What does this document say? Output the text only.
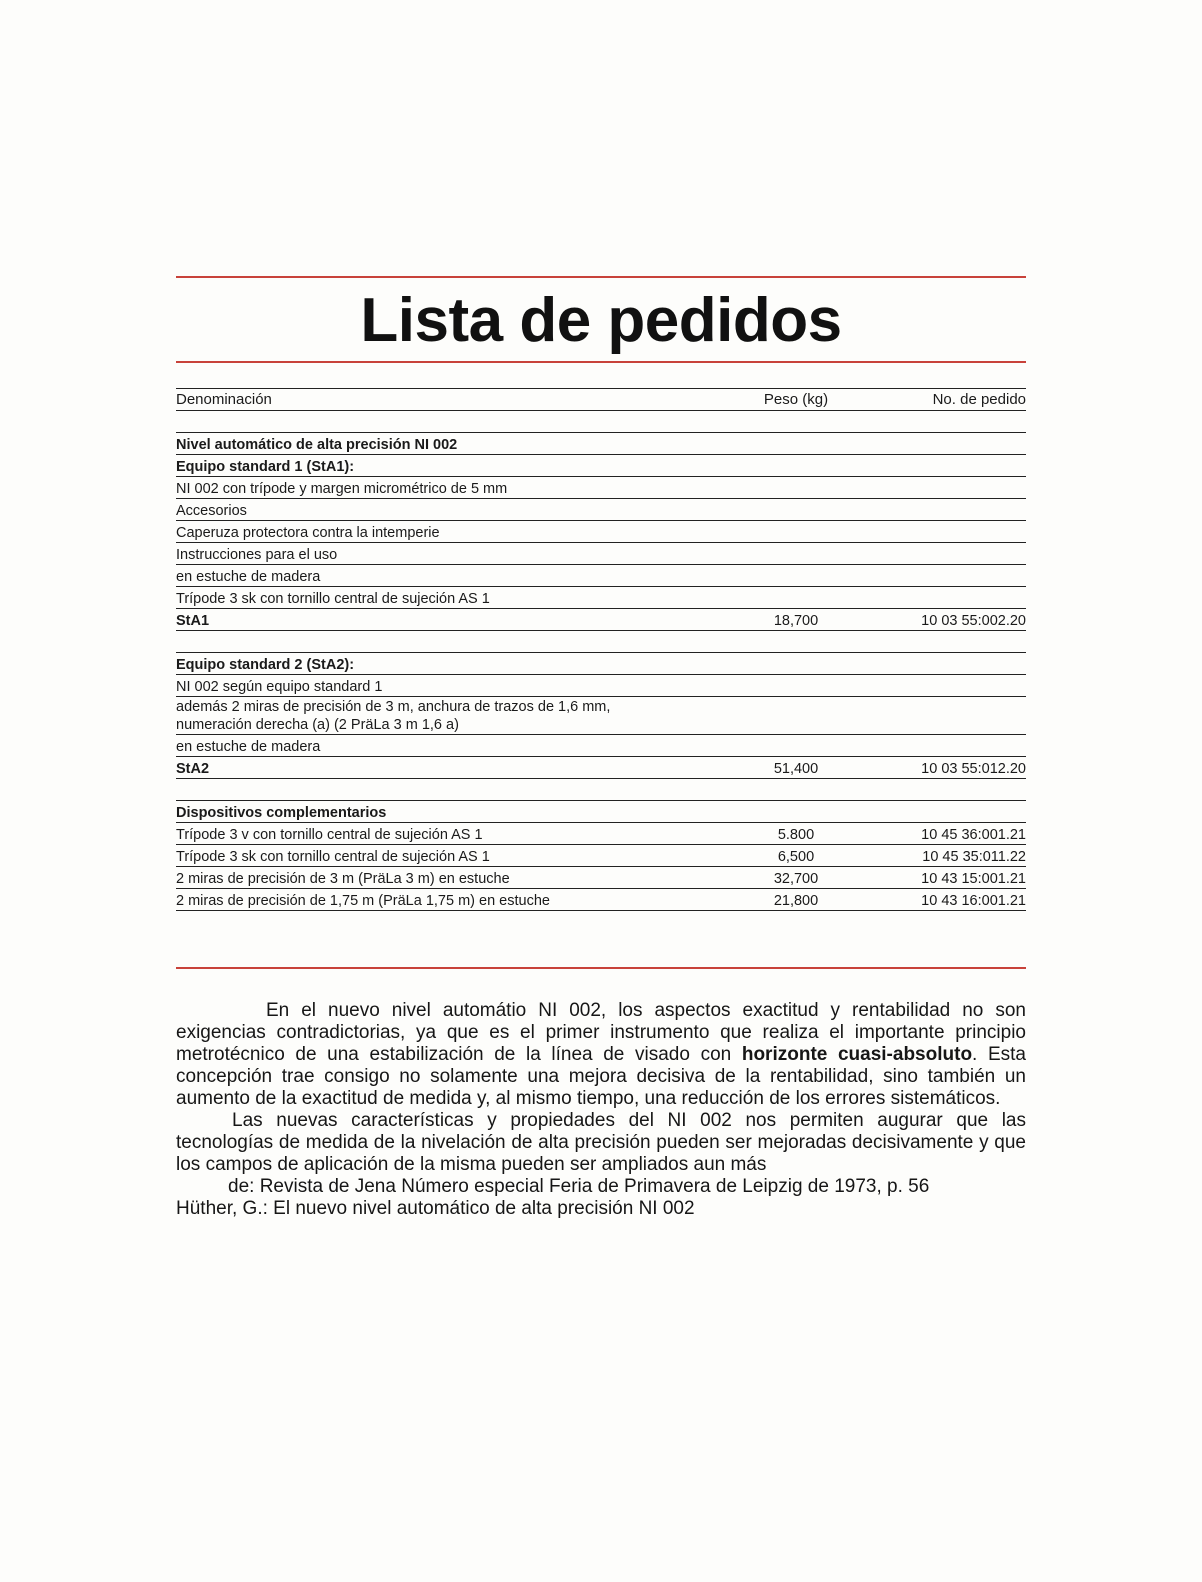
Lista de pedidos
Denominación	Peso (kg)	No. de pedido

Nivel automático de alta precisión NI 002		
Equipo standard 1 (StA1):		
NI 002 con trípode y margen micrométrico de 5 mm		
Accesorios		
Caperuza protectora contra la intemperie		
Instrucciones para el uso		
en estuche de madera		
Trípode 3 sk con tornillo central de sujeción AS 1		
StA1	18,700	10 03 55:002.20

Equipo standard 2 (StA2):		
NI 002 según equipo standard 1		
además 2 miras de precisión de 3 m, anchura de trazos de 1,6 mm,
numeración derecha (a) (2 PräLa 3 m 1,6 a)		
en estuche de madera		
StA2	51,400	10 03 55:012.20

Dispositivos complementarios		
Trípode 3 v con tornillo central de sujeción AS 1	5.800	10 45 36:001.21
Trípode 3 sk con tornillo central de sujeción AS 1	6,500	10 45 35:011.22
2 miras de precisión de 3 m (PräLa 3 m) en estuche	32,700	10 43 15:001.21
2 miras de precisión de 1,75 m (PräLa 1,75 m) en estuche	21,800	10 43 16:001.21

En el nuevo nivel automátio NI 002, los aspectos exactitud y rentabilidad no son exigencias contradictorias, ya que es el primer instrumento que realiza el importante principio metrotécnico de una estabilización de la línea de visado con horizonte cuasi-absoluto. Esta concepción trae consigo no solamente una mejora decisiva de la rentabilidad, sino también un aumento de la exactitud de medida y, al mismo tiempo, una reducción de los errores sistemáticos.

Las nuevas características y propiedades del NI 002 nos permiten augurar que las tecnologías de medida de la nivelación de alta precisión pueden ser mejoradas decisivamente y que los campos de aplicación de la misma pueden ser ampliados aun más

de: Revista de Jena Número especial Feria de Primavera de Leipzig de 1973, p. 56

Hüther, G.: El nuevo nivel automático de alta precisión NI 002
